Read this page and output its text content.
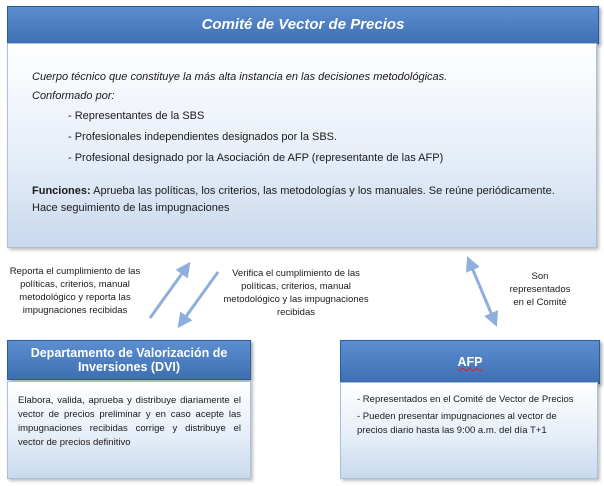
Comité de Vector de Precios
Cuerpo técnico que constituye la más alta instancia en las decisiones metodológicas.
Conformado por:
- Representantes de la SBS
- Profesionales independientes designados por la SBS.
- Profesional designado por la Asociación de AFP (representante de las AFP)
Funciones: Aprueba las políticas, los criterios, las metodologías y los manuales. Se reúne periódicamente. Hace seguimiento de las impugnaciones
Reporta el cumplimiento de las políticas, criterios, manual metodológico y reporta las impugnaciones recibidas
Verifica el cumplimiento de las políticas, criterios, manual metodológico y las impugnaciones recibidas
Son representados en el Comité
Departamento de Valorización de Inversiones (DVI)
Elabora, valida, aprueba y distribuye diariamente el vector de precios preliminar y en caso acepte las impugnaciones recibidas corrige y distribuye el vector de precios definitivo
AFP

- Representados en el Comité de Vector de Precios

- Pueden presentar impugnaciones al vector de precios diario hasta las 9:00 a.m. del día T+1
